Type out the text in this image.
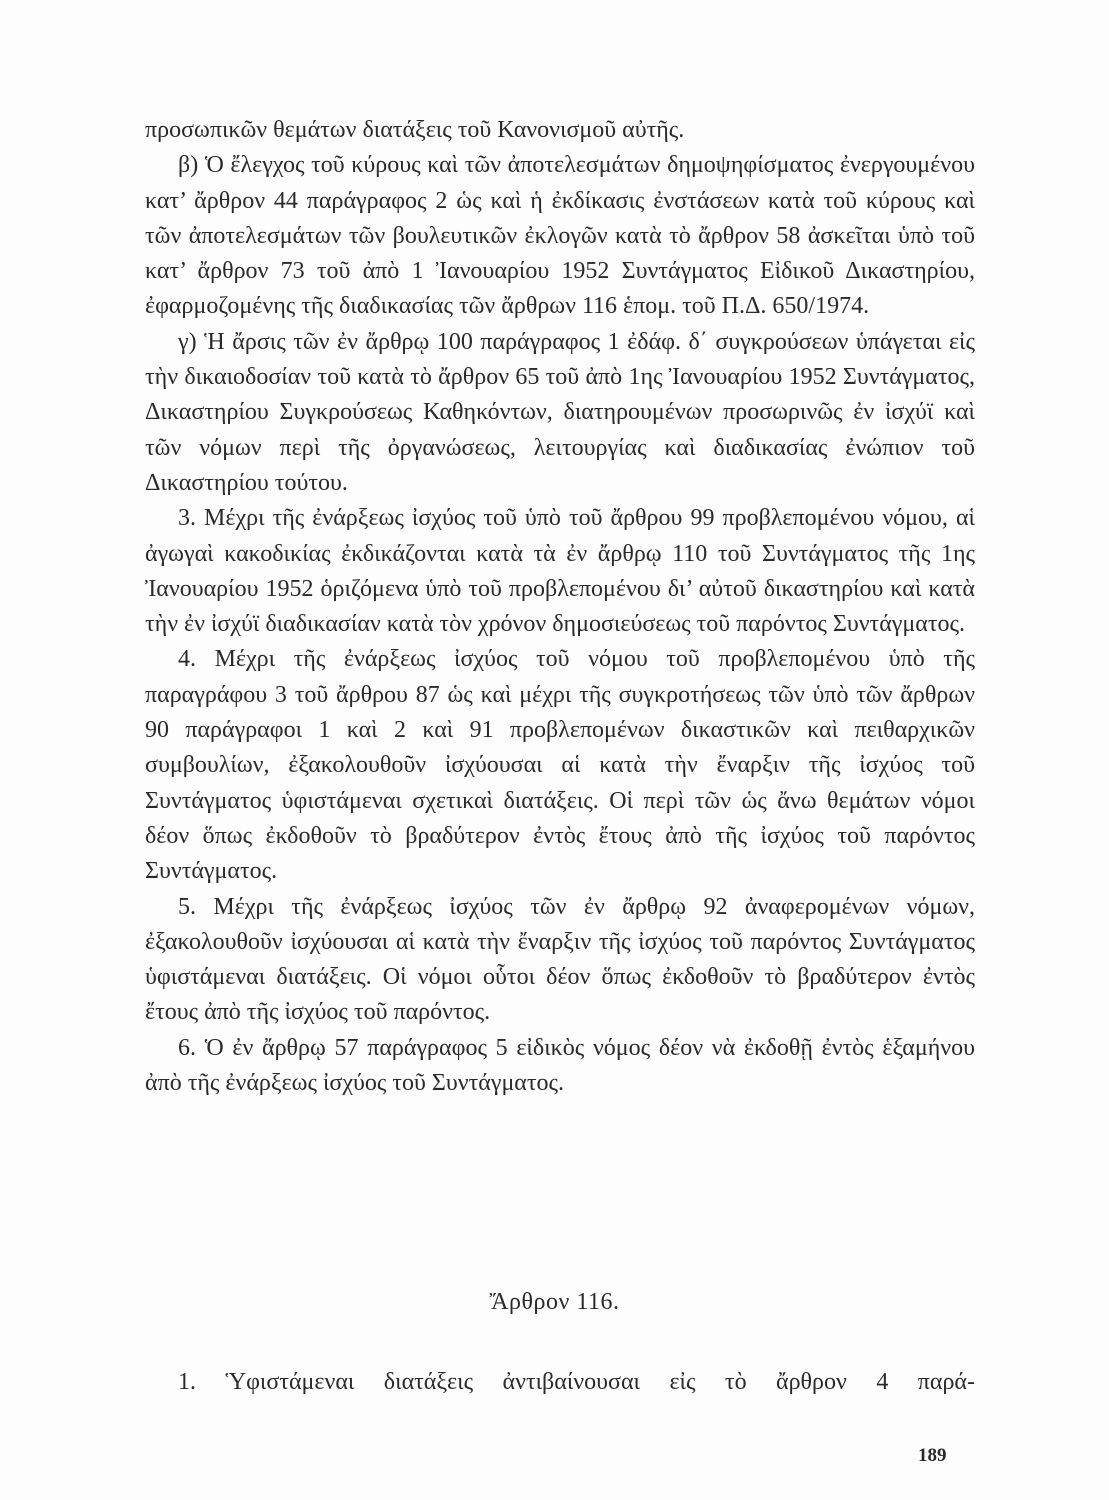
προσωπικῶν θεμάτων διατάξεις τοῦ Κανονισμοῦ αὐτῆς.

β) Ὁ ἔλεγχος τοῦ κύρους καὶ τῶν ἀποτελεσμάτων δημοψηφίσματος ἐνεργουμένου κατ’ ἄρθρον 44 παράγραφος 2 ὡς καὶ ἡ ἐκδίκασις ἐνστάσεων κατὰ τοῦ κύρους καὶ τῶν ἀποτελεσμάτων τῶν βουλευτικῶν ἐκλογῶν κατὰ τὸ ἄρθρον 58 ἀσκεῖται ὑπὸ τοῦ κατ’ ἄρθρον 73 τοῦ ἀπὸ 1 Ἰανουαρίου 1952 Συντάγματος Εἰδικοῦ Δικαστηρίου, ἐφαρμοζομένης τῆς διαδικασίας τῶν ἄρθρων 116 ἑπομ. τοῦ Π.Δ. 650/1974.

γ) Ἡ ἄρσις τῶν ἐν ἄρθρῳ 100 παράγραφος 1 ἐδάφ. δ΄ συγκρούσεων ὑπάγεται εἰς τὴν δικαιοδοσίαν τοῦ κατὰ τὸ ἄρθρον 65 τοῦ ἀπὸ 1ης Ἰανουαρίου 1952 Συντάγματος, Δικαστηρίου Συγκρούσεως Καθηκόντων, διατηρουμένων προσωρινῶς ἐν ἰσχύϊ καὶ τῶν νόμων περὶ τῆς ὀργανώσεως, λειτουργίας καὶ διαδικασίας ἐνώπιον τοῦ Δικαστηρίου τούτου.

3. Μέχρι τῆς ἐνάρξεως ἰσχύος τοῦ ὑπὸ τοῦ ἄρθρου 99 προβλεπομένου νόμου, αἱ ἀγωγαὶ κακοδικίας ἐκδικάζονται κατὰ τὰ ἐν ἄρθρῳ 110 τοῦ Συντάγματος τῆς 1ης Ἰανουαρίου 1952 ὁριζόμενα ὑπὸ τοῦ προβλεπομένου δι’ αὐτοῦ δικαστηρίου καὶ κατὰ τὴν ἐν ἰσχύϊ διαδικασίαν κατὰ τὸν χρόνον δημοσιεύσεως τοῦ παρόντος Συντάγματος.

4. Μέχρι τῆς ἐνάρξεως ἰσχύος τοῦ νόμου τοῦ προβλεπομένου ὑπὸ τῆς παραγράφου 3 τοῦ ἄρθρου 87 ὡς καὶ μέχρι τῆς συγκροτήσεως τῶν ὑπὸ τῶν ἄρθρων 90 παράγραφοι 1 καὶ 2 καὶ 91 προβλεπομένων δικαστικῶν καὶ πειθαρχικῶν συμβουλίων, ἐξακολουθοῦν ἰσχύουσαι αἱ κατὰ τὴν ἔναρξιν τῆς ἰσχύος τοῦ Συντάγματος ὑφιστάμεναι σχετικαὶ διατάξεις. Οἱ περὶ τῶν ὡς ἄνω θεμάτων νόμοι δέον ὅπως ἐκδοθοῦν τὸ βραδύτερον ἐντὸς ἔτους ἀπὸ τῆς ἰσχύος τοῦ παρόντος Συντάγματος.

5. Μέχρι τῆς ἐνάρξεως ἰσχύος τῶν ἐν ἄρθρῳ 92 ἀναφερομένων νόμων, ἐξακολουθοῦν ἰσχύουσαι αἱ κατὰ τὴν ἔναρξιν τῆς ἰσχύος τοῦ παρόντος Συντάγματος ὑφιστάμεναι διατάξεις. Οἱ νόμοι οὗτοι δέον ὅπως ἐκδοθοῦν τὸ βραδύτερον ἐντὸς ἔτους ἀπὸ τῆς ἰσχύος τοῦ παρόντος.

6. Ὁ ἐν ἄρθρῳ 57 παράγραφος 5 εἰδικὸς νόμος δέον νὰ ἐκδοθῇ ἐντὸς ἑξαμήνου ἀπὸ τῆς ἐνάρξεως ἰσχύος τοῦ Συντάγματος.

Ἄρθρον 116.
1. Ὑφιστάμεναι διατάξεις ἀντιβαίνουσαι εἰς τὸ ἄρθρον 4 παρά-
189
